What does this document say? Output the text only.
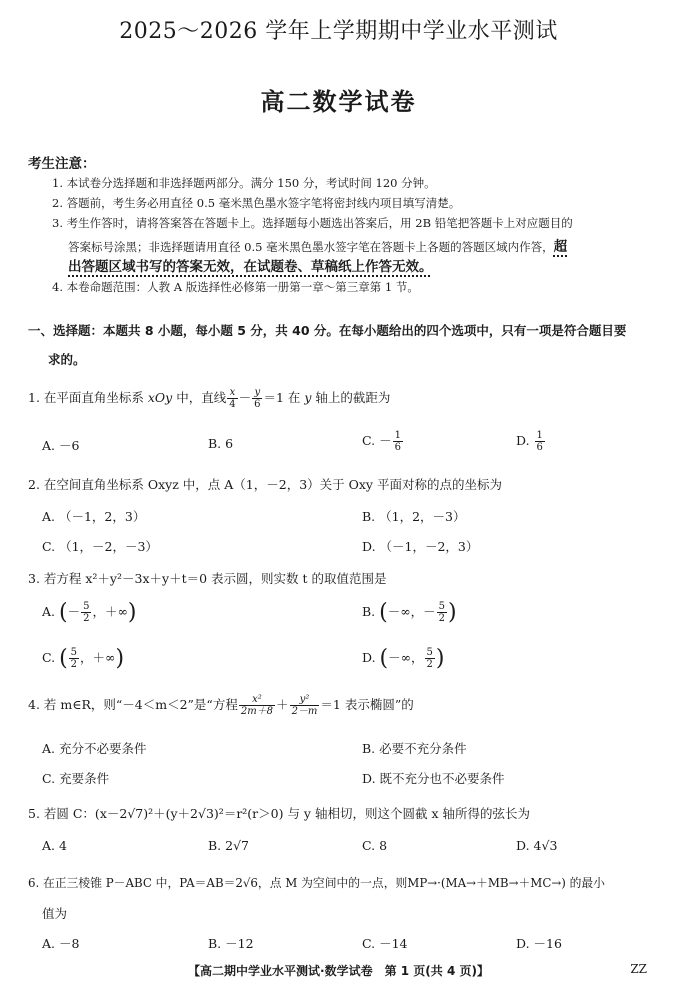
2025～2026 学年上学期期中学业水平测试
高二数学试卷
考生注意：
1. 本试卷分选择题和非选择题两部分。满分 150 分，考试时间 120 分钟。
2. 答题前，考生务必用直径 0.5 毫米黑色墨水签字笔将密封线内项目填写清楚。
3. 考生作答时，请将答案答在答题卡上。选择题每小题选出答案后，用 2B 铅笔把答题卡上对应题目的
答案标号涂黑；非选择题请用直径 0.5 毫米黑色墨水签字笔在答题卡上各题的答题区域内作答，超
出答题区域书写的答案无效，在试题卷、草稿纸上作答无效。
4. 本卷命题范围：人教 A 版选择性必修第一册第一章～第三章第 1 节。
一、选择题：本题共 8 小题，每小题 5 分，共 40 分。在每小题给出的四个选项中，只有一项是符合题目要
求的。
1. 在平面直角坐标系 xOy 中，直线 $\frac{x}{4} - \frac{y}{6} =1$ 在 y 轴上的截距为
A. －6	B. 6	C. － $\frac{1}{6}$	D. $\frac{1}{6}$
2. 在空间直角坐标系 Oxyz 中，点 A（1，－2，3）关于 Oxy 平面对称的点的坐标为
A. （－1，2，3）	B. （1，2，－3）
C. （1，－2，－3）	D. （－1，－2，3）
3. 若方程 x²＋y²－3x＋y＋t＝0 表示圆，则实数 t 的取值范围是
A. (－ $\frac{5}{2}$ ，＋∞)	B. (－∞，－ $\frac{5}{2}$ )
C. ( $\frac{5}{2}$ ，＋∞)	D. (－∞， $\frac{5}{2}$ )
4. 若 m∈R，则“－4＜m＜2”是“方程 $\frac{\text{x²}}{2m+8} + \frac{\text{y²}}{2-m} =1$ 表示椭圆”的
A. 充分不必要条件	B. 必要不充分条件
C. 充要条件	D. 既不充分也不必要条件
5. 若圆 C：(x－2√7)²＋(y＋2√3)²＝r²(r＞0) 与 y 轴相切，则这个圆截 x 轴所得的弦长为
A. 4	B. 2√7	C. 8	D. 4√3
6. 在正三棱锥 P－ABC 中，PA＝AB＝2√6，点 M 为空间中的一点，则MP→·(MA→＋MB→＋MC→) 的最小
值为
A. －8	B. －12	C. －14	D. －16
【高二期中学业水平测试·数学试卷　第 1 页(共 4 页)】	ZZ
